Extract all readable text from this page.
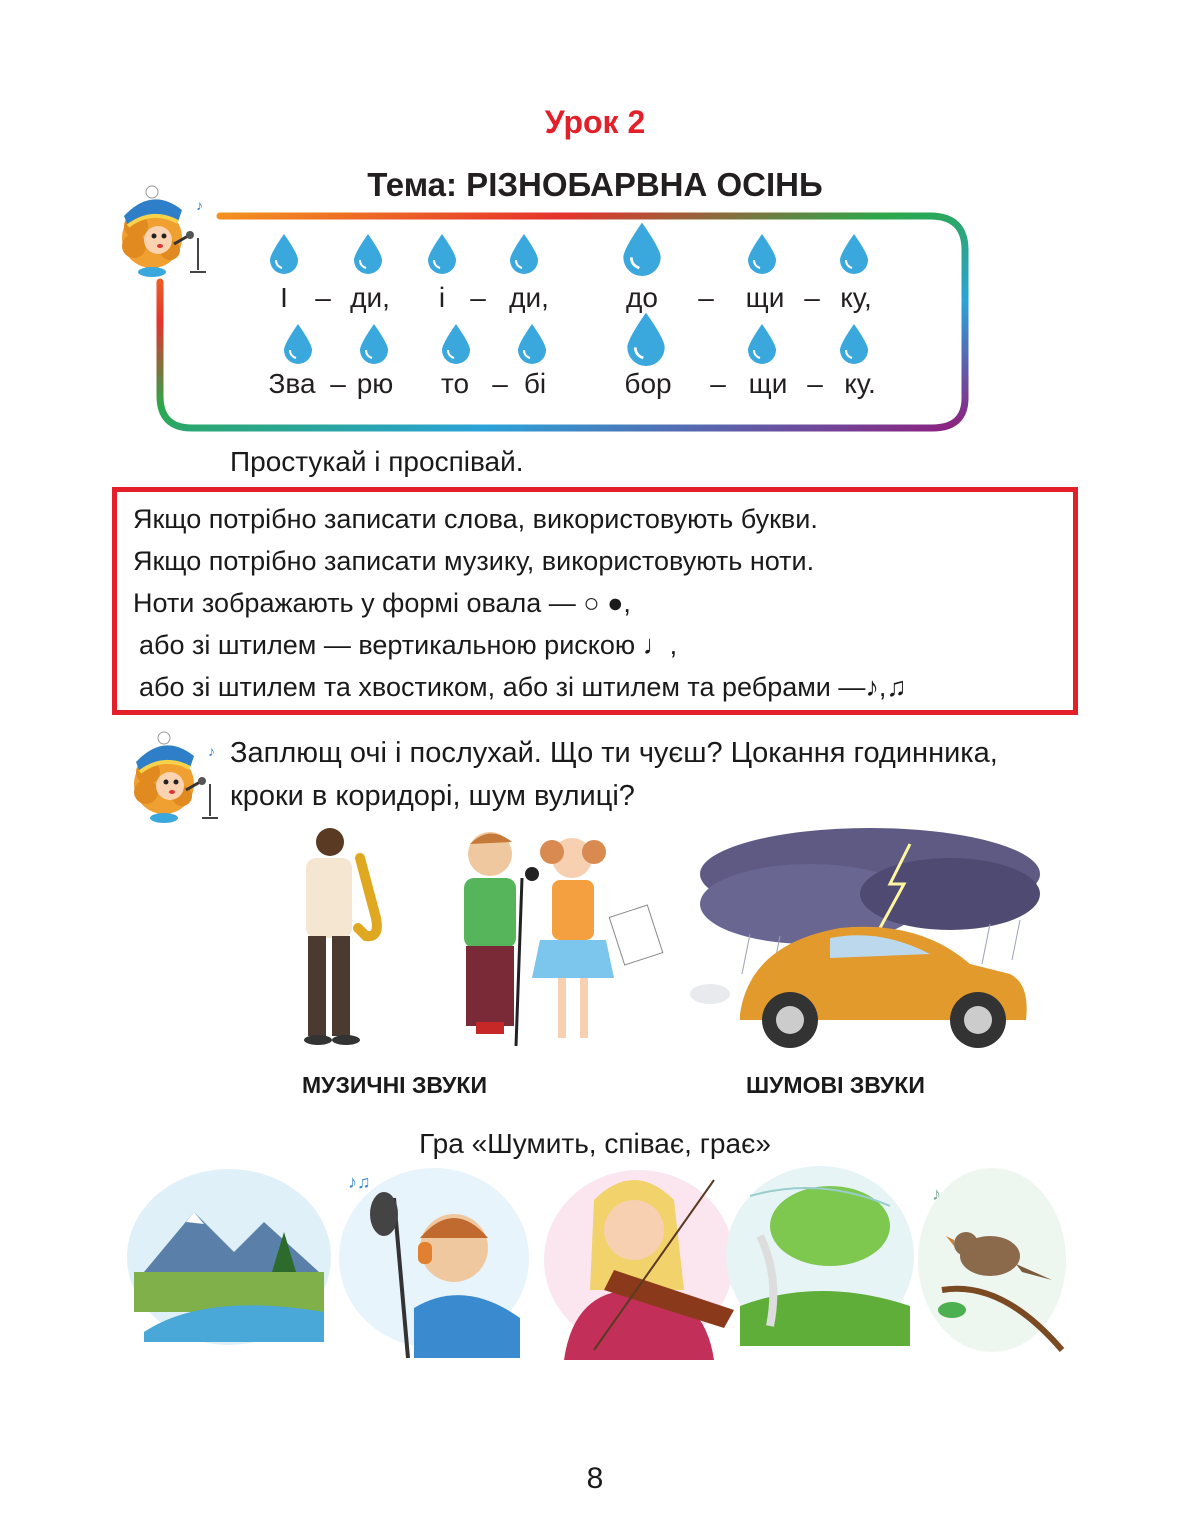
Урок 2
Тема: РІЗНОБАРВНА ОСІНЬ
♪
І – ди, і – ди,	до – щи – ку,
Зва – рю то – бі	бор – щи – ку.
Простукай і проспівай.
Якщо потрібно записати слова, використовують букви.
Якщо потрібно записати музику, використовують ноти.
Ноти зображають у формі овала — ○ ●,
або зі штилем — вертикальною рискою ♩,
або зі штилем та хвостиком, або зі штилем та ребрами —♪,♫
♪ Заплющ очі і послухай. Що ти чуєш? Цокання годинника,
кроки в коридорі, шум вулиці?
МУЗИЧНІ ЗВУКИ	ШУМОВІ ЗВУКИ
Гра «Шумить, співає, грає»
♪♫
♪
8
